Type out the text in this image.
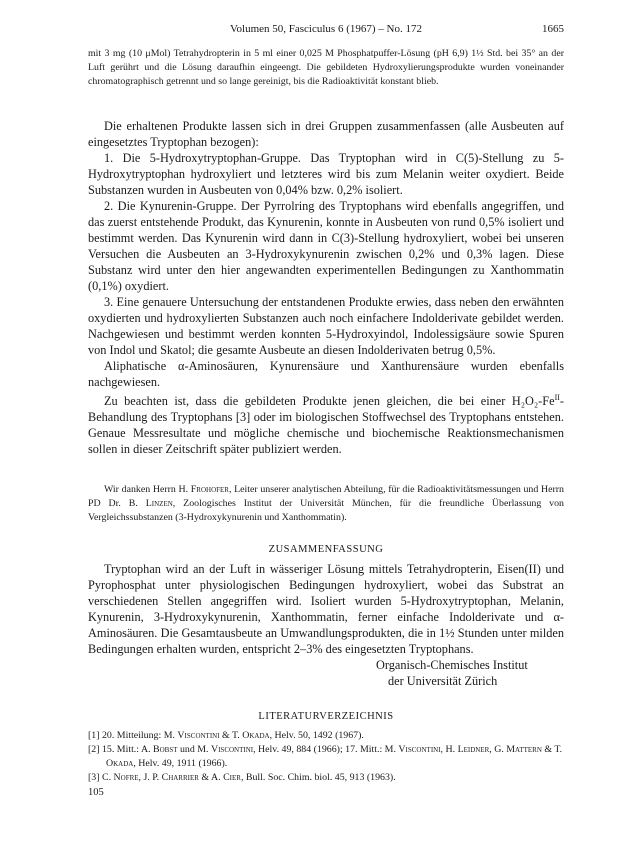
Volumen 50, Fasciculus 6 (1967) – No. 172	1665

mit 3 mg (10 μMol) Tetrahydropterin in 5 ml einer 0,025 M Phosphatpuffer-Lösung (pH 6,9) 1½ Std. bei 35° an der Luft gerührt und die Lösung daraufhin eingeengt. Die gebildeten Hydroxylierungsprodukte wurden voneinander chromatographisch getrennt und so lange gereinigt, bis die Radioaktivität konstant blieb.

Die erhaltenen Produkte lassen sich in drei Gruppen zusammenfassen (alle Ausbeuten auf eingesetztes Tryptophan bezogen):

1. Die 5-Hydroxytryptophan-Gruppe. Das Tryptophan wird in C(5)-Stellung zu 5-Hydroxytryptophan hydroxyliert und letzteres wird bis zum Melanin weiter oxydiert. Beide Substanzen wurden in Ausbeuten von 0,04% bzw. 0,2% isoliert.

2. Die Kynurenin-Gruppe. Der Pyrrolring des Tryptophans wird ebenfalls angegriffen, und das zuerst entstehende Produkt, das Kynurenin, konnte in Ausbeuten von rund 0,5% isoliert und bestimmt werden. Das Kynurenin wird dann in C(3)-Stellung hydroxyliert, wobei bei unseren Versuchen die Ausbeuten an 3-Hydroxykynurenin zwischen 0,2% und 0,3% lagen. Diese Substanz wird unter den hier angewandten experimentellen Bedingungen zu Xanthommatin (0,1%) oxydiert.

3. Eine genauere Untersuchung der entstandenen Produkte erwies, dass neben den erwähnten oxydierten und hydroxylierten Substanzen auch noch einfachere Indolderivate gebildet werden. Nachgewiesen und bestimmt werden konnten 5-Hydroxyindol, Indolessigsäure sowie Spuren von Indol und Skatol; die gesamte Ausbeute an diesen Indolderivaten betrug 0,5%.

Aliphatische α-Aminosäuren, Kynurensäure und Xanthurensäure wurden ebenfalls nachgewiesen.

Zu beachten ist, dass die gebildeten Produkte jenen gleichen, die bei einer H₂O₂-$Fe^{II}$-Behandlung des Tryptophans [3] oder im biologischen Stoffwechsel des Tryptophans entstehen. Genaue Messresultate und mögliche chemische und biochemische Reaktionsmechanismen sollen in dieser Zeitschrift später publiziert werden.

Wir danken Herrn H. Frohofer, Leiter unserer analytischen Abteilung, für die Radioaktivitätsmessungen und Herrn PD Dr. B. Linzen, Zoologisches Institut der Universität München, für die freundliche Überlassung von Vergleichssubstanzen (3-Hydroxykynurenin und Xanthommatin).

ZUSAMMENFASSUNG

Tryptophan wird an der Luft in wässeriger Lösung mittels Tetrahydropterin, Eisen(II) und Pyrophosphat unter physiologischen Bedingungen hydroxyliert, wobei das Substrat an verschiedenen Stellen angegriffen wird. Isoliert wurden 5-Hydroxytryptophan, Melanin, Kynurenin, 3-Hydroxykynurenin, Xanthommatin, ferner einfache Indolderivate und α-Aminosäuren. Die Gesamtausbeute an Umwandlungsprodukten, die in 1½ Stunden unter milden Bedingungen erhalten wurden, entspricht 2–3% des eingesetzten Tryptophans.

Organisch-Chemisches Institut
der Universität Zürich

LITERATURVERZEICHNIS

[1] 20. Mitteilung: M. Viscontini & T. Okada, Helv. 50, 1492 (1967).

[2] 15. Mitt.: A. Bobst und M. Viscontini, Helv. 49, 884 (1966); 17. Mitt.: M. Viscontini, H. Leidner, G. Mattern & T. Okada, Helv. 49, 1911 (1966).

[3] C. Nofre, J. P. Charrier & A. Cier, Bull. Soc. Chim. biol. 45, 913 (1963).

105
